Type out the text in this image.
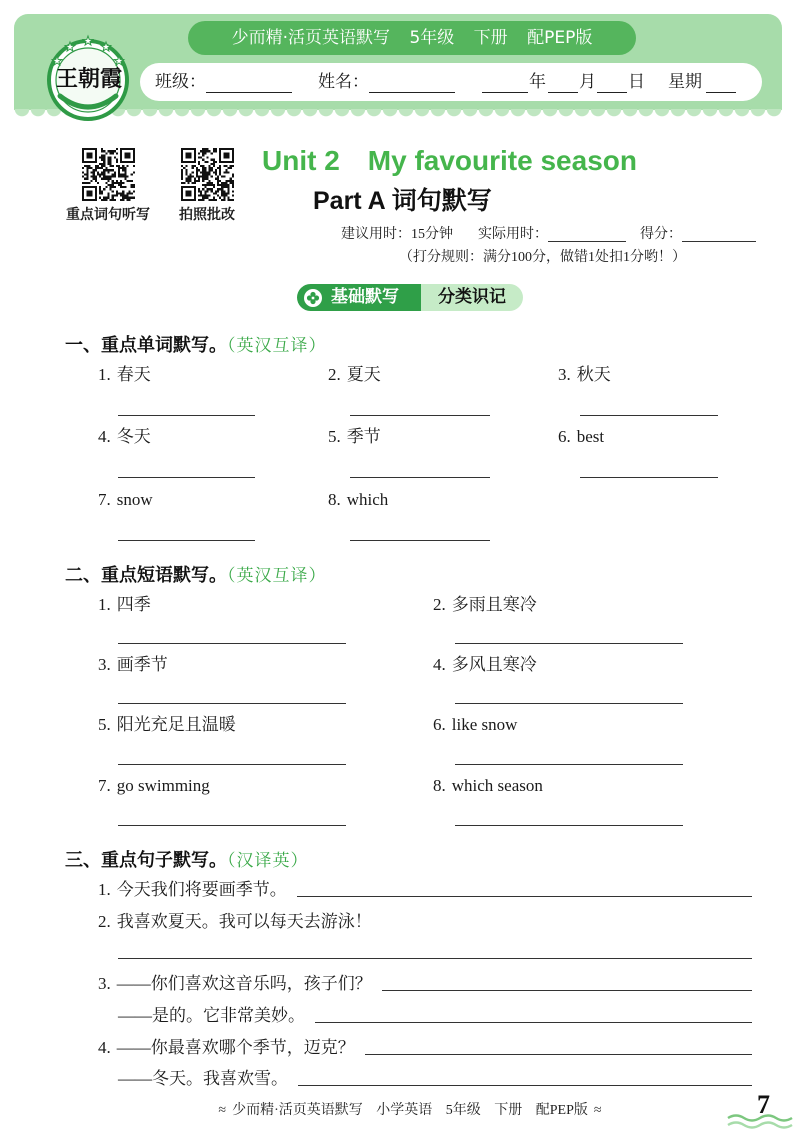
少而精·活页英语默写 5年级 下册 配PEP版
班级：	姓名：	年 月 日 星期
王朝霞
重点词句听写	拍照批改
Unit 2 My favourite season
Part A 词句默写
建议用时：15分钟 实际用时：	得分：
（打分规则：满分100分，做错1处扣1分哟！）
基础默写	分类识记
一、重点单词默写。（英汉互译）
1. 春天	2. 夏天	3. 秋天
4. 冬天	5. 季节	6. best
7. snow	8. which
二、重点短语默写。（英汉互译）
1. 四季	2. 多雨且寒冷
3. 画季节	4. 多风且寒冷
5. 阳光充足且温暖	6. like snow
7. go swimming	8. which season
三、重点句子默写。（汉译英）
1. 今天我们将要画季节。
2. 我喜欢夏天。我可以每天去游泳！
3. ——你们喜欢这音乐吗，孩子们？
——是的。它非常美妙。
4. ——你最喜欢哪个季节，迈克？
——冬天。我喜欢雪。
≈ 少而精·活页英语默写 小学英语 5年级 下册 配PEP版 ≈	7
